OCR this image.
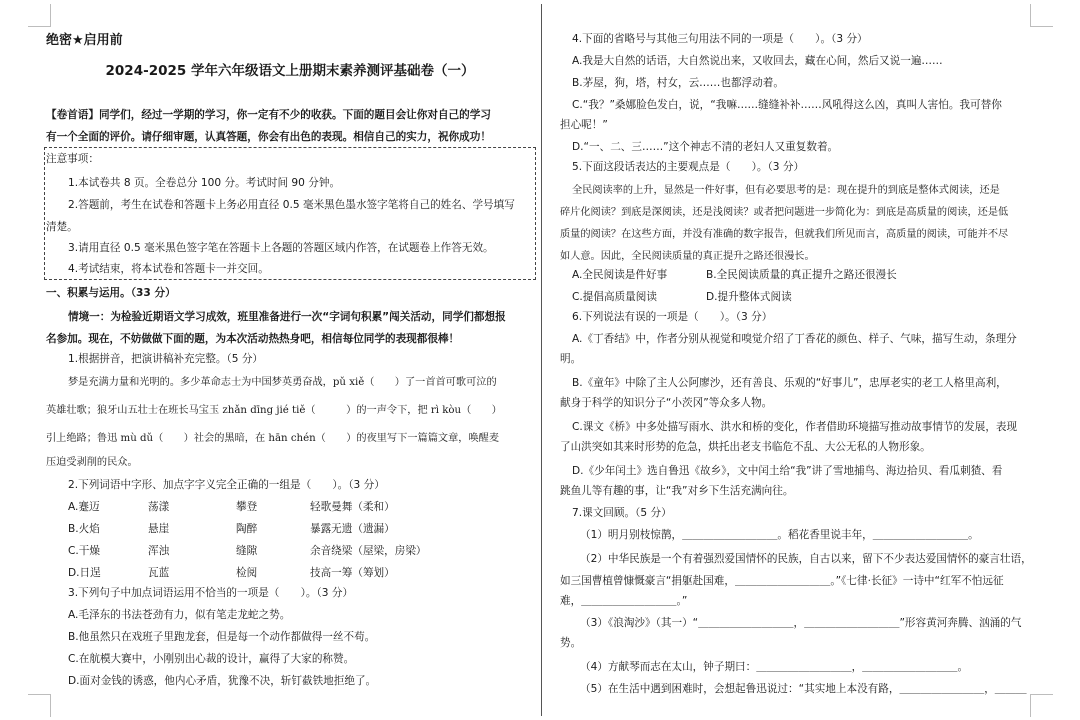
绝密★启用前
2024-2025 学年六年级语文上册期末素养测评基础卷（一）
【卷首语】同学们，经过一学期的学习，你一定有不少的收获。下面的题目会让你对自己的学习
有一个全面的评价。请仔细审题，认真答题，你会有出色的表现。相信自己的实力，祝你成功！
注意事项：
1.本试卷共 8 页。全卷总分 100 分。考试时间 90 分钟。
2.答题前，考生在试卷和答题卡上务必用直径 0.5 毫米黑色墨水签字笔将自己的姓名、学号填写
清楚。
3.请用直径 0.5 毫米黑色签字笔在答题卡上各题的答题区域内作答，在试题卷上作答无效。
4.考试结束，将本试卷和答题卡一并交回。
一、积累与运用。（33 分）
情境一：为检验近期语文学习成效，班里准备进行一次“字词句积累”闯关活动，同学们都想报
名参加。现在，不妨做做下面的题，为本次活动热热身吧，相信每位同学的表现都很棒！
1.根据拼音，把演讲稿补充完整。（5 分）
梦是充满力量和光明的。多少革命志士为中国梦英勇奋战，pǔ xiě（　　）了一首首可歌可泣的
英雄壮歌；狼牙山五壮士在班长马宝玉 zhǎn dīng jié tiě（　　　）的一声令下，把 rì kòu（　　）
引上绝路；鲁迅 mù dǔ（　　）社会的黑暗，在 hān chén（　　）的夜里写下一篇篇文章，唤醒麦
压迫受剥削的民众。
2.下列词语中字形、加点字字义完全正确的一组是（　　）。（3 分）
3.下列句子中加点词语运用不恰当的一项是（　　）。（3 分）
A.毛泽东的书法苍劲有力，似有笔走龙蛇之势。
B.他虽然只在戏班子里跑龙套，但是每一个动作都做得一丝不苟。
C.在航模大赛中，小刚别出心裁的设计，赢得了大家的称赞。
D.面对金钱的诱惑，他内心矛盾，犹豫不决，斩钉截铁地拒绝了。
A.蹇迈	荡漾	攀登	轻歌曼舞（柔和）
B.火焰	悬崖	陶醉	暴露无遗（遗漏）
C.干燥	浑浊	缝隙	余音绕梁（屋梁，房梁）
D.日逞	瓦蓝	检阅	技高一筹（筹划）
4.下面的省略号与其他三句用法不同的一项是（　　）。（3 分）
A.我是大自然的话语，大自然说出来，又收回去，藏在心间，然后又说一遍……
B.茅屋，狗，塔，村女，云……也都浮动着。
C.“我？”桑娜脸色发白，说，“我嘛……缝缝补补……风吼得这么凶，真叫人害怕。我可替你
担心呢！”
D.“一、二、三……”这个神志不清的老妇人又重复数着。
5.下面这段话表达的主要观点是（　　）。（3 分）
全民阅读率的上升，显然是一件好事，但有必要思考的是：现在提升的到底是整体式阅读，还是
碎片化阅读？到底是深阅读，还是浅阅读？或者把问题进一步简化为：到底是高质量的阅读，还是低
质量的阅读？在这些方面，并没有准确的数字报告，但就我们所见而言，高质量的阅读，可能并不尽
如人意。因此，全民阅读质量的真正提升之路还很漫长。
A.全民阅读是件好事	B.全民阅读质量的真正提升之路还很漫长
C.提倡高质量阅读	D.提升整体式阅读
6.下列说法有误的一项是（　　）。（3 分）
A.《丁香结》中，作者分别从视觉和嗅觉介绍了丁香花的颜色、样子、气味，描写生动，条理分
明。
B.《童年》中除了主人公阿廖沙，还有善良、乐观的“好事儿”，忠厚老实的老工人格里高利，
献身于科学的知识分子“小茨冈”等众多人物。
C.课文《桥》中多处描写雨水、洪水和桥的变化，作者借助环境描写推动故事情节的发展，表现
了山洪突如其来时形势的危急，烘托出老支书临危不乱、大公无私的人物形象。
D.《少年闰土》选自鲁迅《故乡》，文中闰土给“我”讲了雪地捕鸟、海边拾贝、看瓜刺猹、看
跳鱼儿等有趣的事，让“我”对乡下生活充满向往。
7.课文回顾。（5 分）
（1）明月别枝惊鹊，＿＿＿＿＿＿＿＿＿。稻花香里说丰年，＿＿＿＿＿＿＿＿＿。
（2）中华民族是一个有着强烈爱国情怀的民族，自古以来，留下不少表达爱国情怀的豪言壮语，
如三国曹植曾慷慨豪言“捐躯赴国难，＿＿＿＿＿＿＿＿＿。”《七律·长征》一诗中“红军不怕远征
难，＿＿＿＿＿＿＿＿＿。”
（3）《浪淘沙》（其一）“＿＿＿＿＿＿＿＿＿，＿＿＿＿＿＿＿＿＿”形容黄河奔腾、汹涌的气
势。
（4）方献琴而志在太山，钟子期曰：＿＿＿＿＿＿＿＿＿，＿＿＿＿＿＿＿＿＿。
（5）在生活中遇到困难时，会想起鲁迅说过：“其实地上本没有路，＿＿＿＿＿＿＿＿，＿＿＿
